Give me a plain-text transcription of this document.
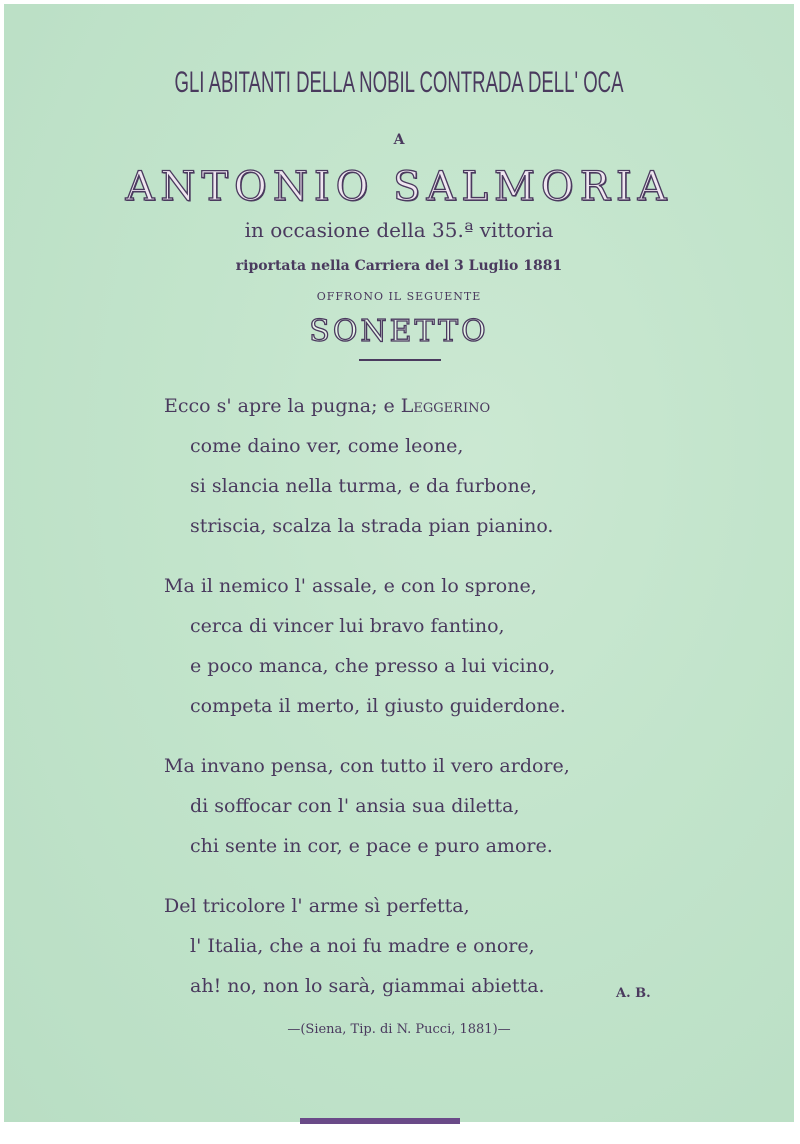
GLI ABITANTI DELLA NOBIL CONTRADA DELL' OCA
A
ANTONIO SALMORIA
in occasione della 35.ª vittoria
riportata nella Carriera del 3 Luglio 1881
OFFRONO IL SEGUENTE
SONETTO
Ecco s' apre la pugna; e Leggerino
come daino ver, come leone,
si slancia nella turma, e da furbone,
striscia, scalza la strada pian pianino.
Ma il nemico l' assale, e con lo sprone,
cerca di vincer lui bravo fantino,
e poco manca, che presso a lui vicino,
competa il merto, il giusto guiderdone.
Ma invano pensa, con tutto il vero ardore,
di soffocar con l' ansia sua diletta,
chi sente in cor, e pace e puro amore.
Del tricolore l' arme sì perfetta,
l' Italia, che a noi fu madre e onore,
ah! no, non lo sarà, giammai abietta.	A. B.
—(Siena, Tip. di N. Pucci, 1881)—
